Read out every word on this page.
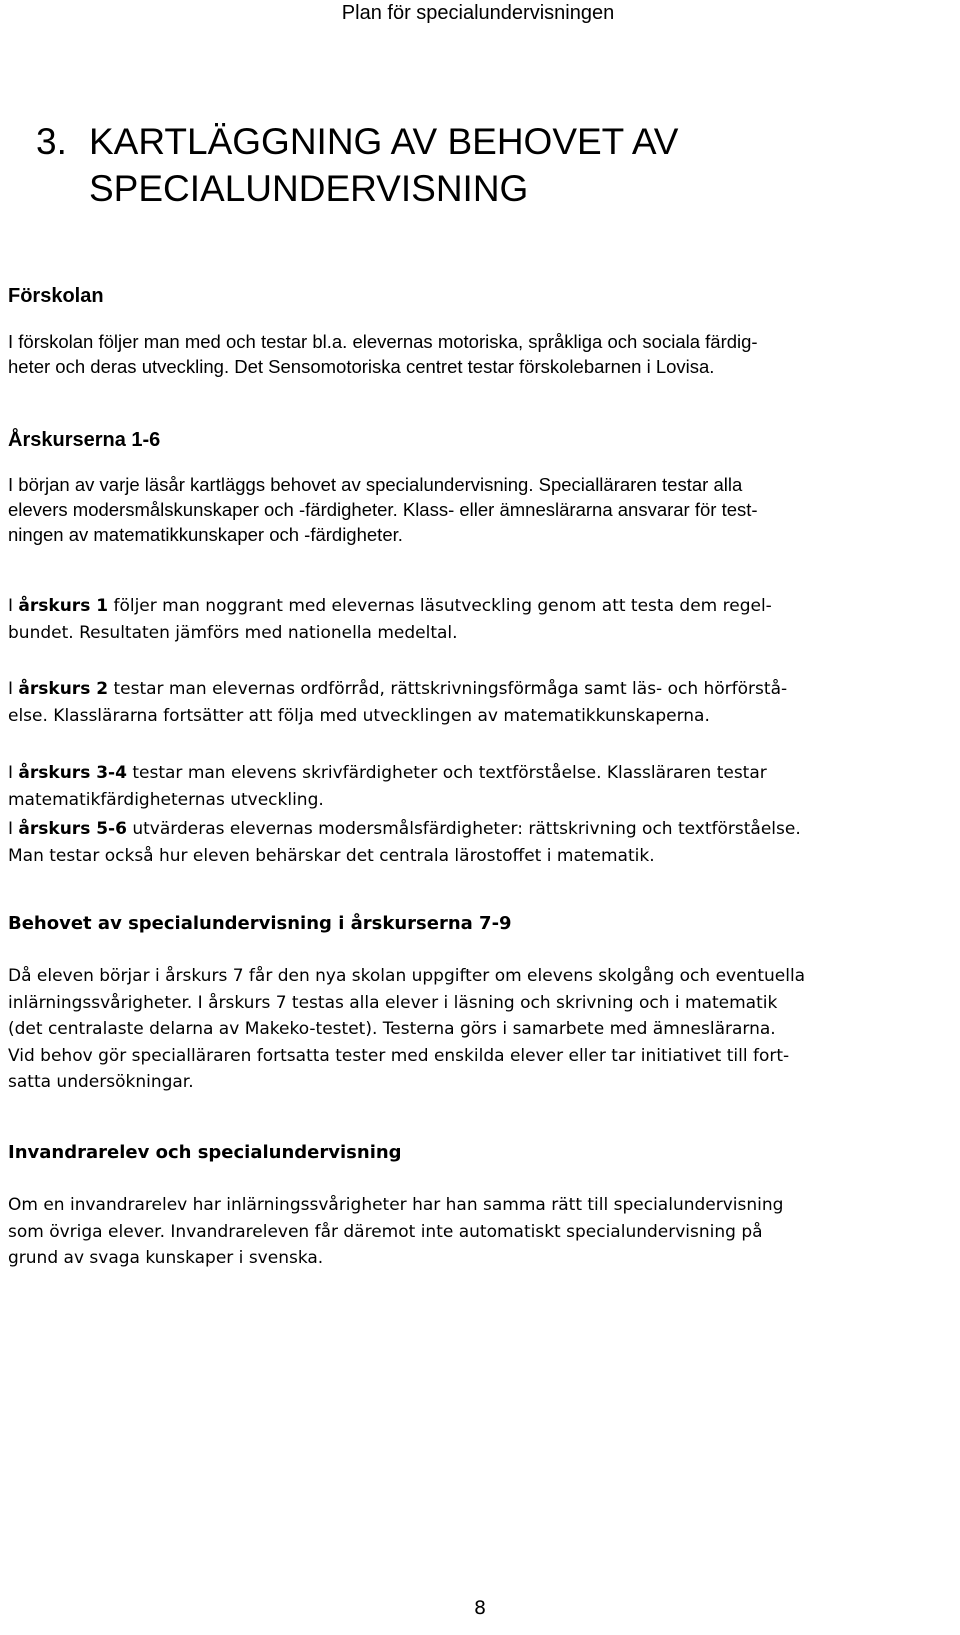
Plan för specialundervisningen
3. KARTLÄGGNING AV BEHOVET AV
SPECIALUNDERVISNING
Förskolan
I förskolan följer man med och testar bl.a. elevernas motoriska, språkliga och sociala färdig-
heter och deras utveckling. Det Sensomotoriska centret testar förskolebarnen i Lovisa.
Årskurserna 1-6
I början av varje läsår kartläggs behovet av specialundervisning. Specialläraren testar alla
elevers modersmålskunskaper och -färdigheter. Klass- eller ämneslärarna ansvarar för test-
ningen av matematikkunskaper och -färdigheter.
I årskurs 1 följer man noggrant med elevernas läsutveckling genom att testa dem regel-
bundet. Resultaten jämförs med nationella medeltal.
I årskurs 2 testar man elevernas ordförråd, rättskrivningsförmåga samt läs- och hörförstå-
else. Klasslärarna fortsätter att följa med utvecklingen av matematikkunskaperna.
I årskurs 3-4 testar man elevens skrivfärdigheter och textförståelse. Klassläraren testar
matematikfärdigheternas utveckling.
I årskurs 5-6 utvärderas elevernas modersmålsfärdigheter: rättskrivning och textförståelse.
Man testar också hur eleven behärskar det centrala lärostoffet i matematik.
Behovet av specialundervisning i årskurserna 7-9
Då eleven börjar i årskurs 7 får den nya skolan uppgifter om elevens skolgång och eventuella
inlärningssvårigheter. I årskurs 7 testas alla elever i läsning och skrivning och i matematik
(det centralaste delarna av Makeko-testet). Testerna görs i samarbete med ämneslärarna.
Vid behov gör specialläraren fortsatta tester med enskilda elever eller tar initiativet till fort-
satta undersökningar.
Invandrarelev och specialundervisning
Om en invandrarelev har inlärningssvårigheter har han samma rätt till specialundervisning
som övriga elever. Invandrareleven får däremot inte automatiskt specialundervisning på
grund av svaga kunskaper i svenska.
8
